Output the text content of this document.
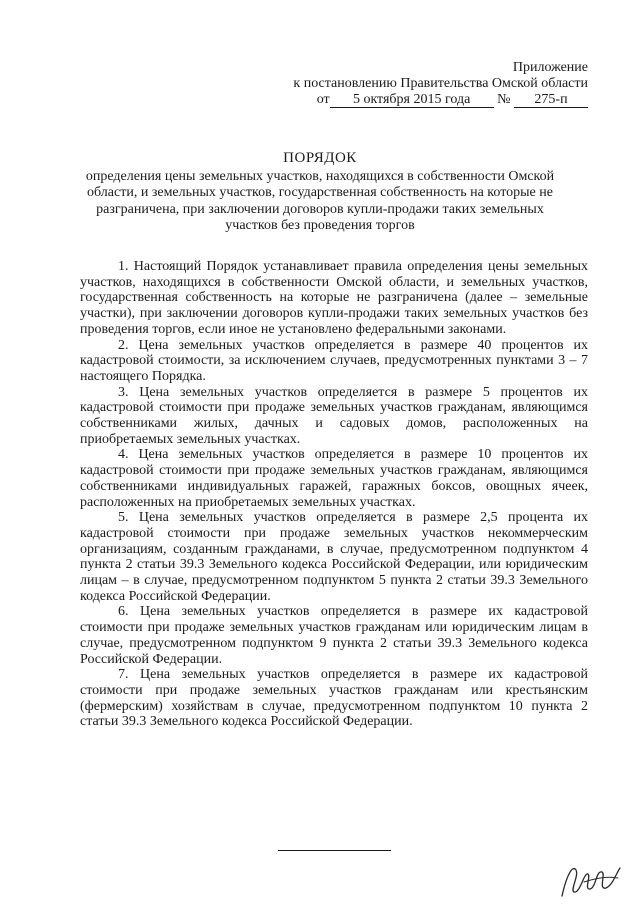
Приложение
к постановлению Правительства Омской области
от 5 октября 2015 года № 275-п
ПОРЯДОК
определения цены земельных участков, находящихся в собственности Омской области, и земельных участков, государственная собственность на которые не разграничена, при заключении договоров купли-продажи таких земельных участков без проведения торгов

1. Настоящий Порядок устанавливает правила определения цены земельных участков, находящихся в собственности Омской области, и земельных участков, государственная собственность на которые не разграничена (далее – земельные участки), при заключении договоров купли-продажи таких земельных участков без проведения торгов, если иное не установлено федеральными законами.

2. Цена земельных участков определяется в размере 40 процентов их кадастровой стоимости, за исключением случаев, предусмотренных пунктами 3 – 7 настоящего Порядка.

3. Цена земельных участков определяется в размере 5 процентов их кадастровой стоимости при продаже земельных участков гражданам, являющимся собственниками жилых, дачных и садовых домов, расположенных на приобретаемых земельных участках.

4. Цена земельных участков определяется в размере 10 процентов их кадастровой стоимости при продаже земельных участков гражданам, являющимся собственниками индивидуальных гаражей, гаражных боксов, овощных ячеек, расположенных на приобретаемых земельных участках.

5. Цена земельных участков определяется в размере 2,5 процента их кадастровой стоимости при продаже земельных участков некоммерческим организациям, созданным гражданами, в случае, предусмотренном подпунктом 4 пункта 2 статьи 39.3 Земельного кодекса Российской Федерации, или юридическим лицам – в случае, предусмотренном подпунктом 5 пункта 2 статьи 39.3 Земельного кодекса Российской Федерации.

6. Цена земельных участков определяется в размере их кадастровой стоимости при продаже земельных участков гражданам или юридическим лицам в случае, предусмотренном подпунктом 9 пункта 2 статьи 39.3 Земельного кодекса Российской Федерации.

7. Цена земельных участков определяется в размере их кадастровой стоимости при продаже земельных участков гражданам или крестьянским (фермерским) хозяйствам в случае, предусмотренном подпунктом 10 пункта 2 статьи 39.3 Земельного кодекса Российской Федерации.
